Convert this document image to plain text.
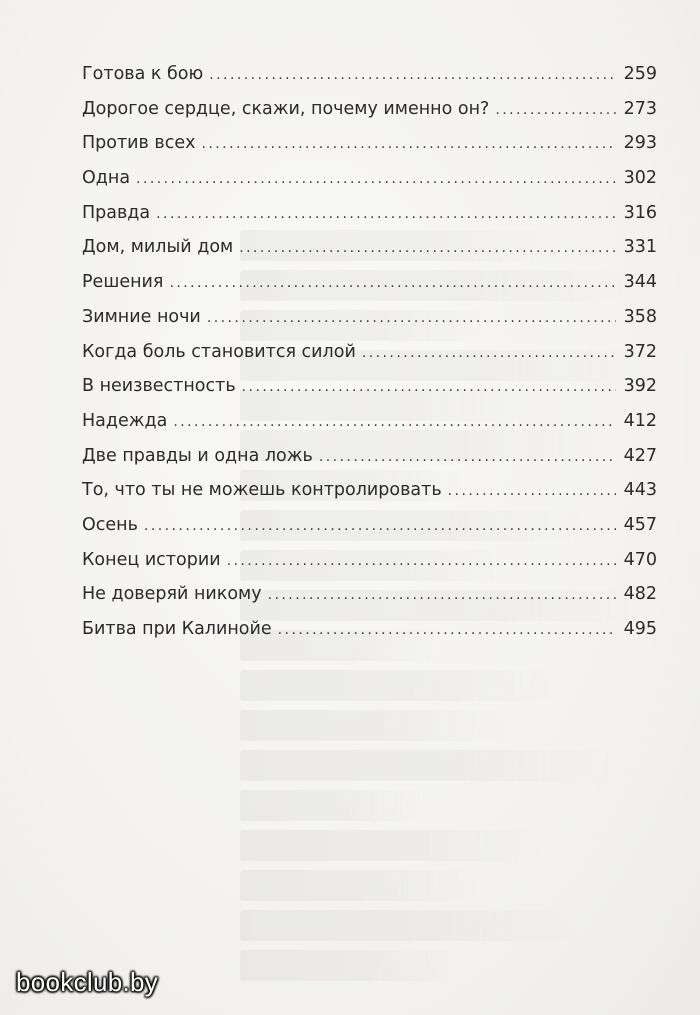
Готова к бою . . .	259
Дорогое сердце, скажи, почему именно он? . . .	273
Против всех . . .	293
Одна . . .	302
Правда . . .	316
Дом, милый дом . . .	331
Решения . . .	344
Зимние ночи . . .	358
Когда боль становится силой . . .	372
В неизвестность . . .	392
Надежда . . .	412
Две правды и одна ложь . . .	427
То, что ты не можешь контролировать . . .	443
Осень . . .	457
Конец истории . . .	470
Не доверяй никому . . .	482
Битва при Калинойе . . .	495
bookclub.by
